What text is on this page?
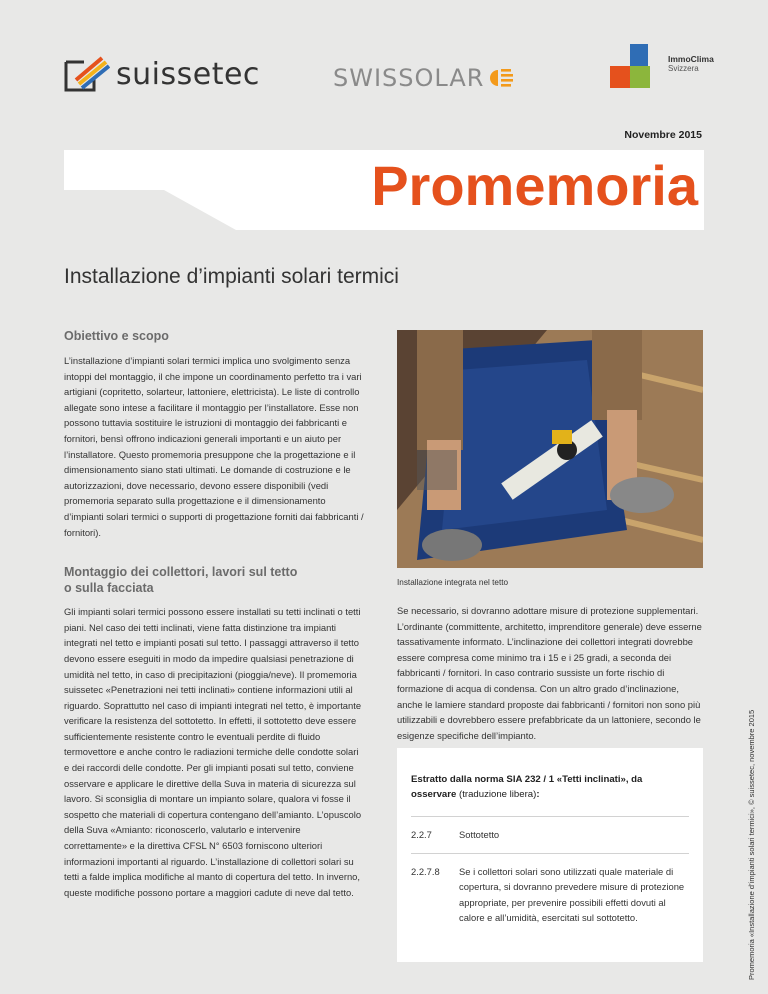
suissetec	SWISSOLAR
ImmoClima
Svizzera
Novembre 2015
Promemoria
Installazione d’impianti solari termici
Obiettivo e scopo

L’installazione d’impianti solari termici implica uno svolgimento senza intoppi del montaggio, il che impone un coordinamento perfetto tra i vari artigiani (copritetto, solarteur, lattoniere, elettricista). Le liste di controllo allegate sono intese a facilitare il montaggio per l’installatore. Esse non possono tuttavia sostituire le istruzioni di montaggio dei fabbricanti e fornitori, bensì offrono indicazioni generali importanti e un aiuto per l’installatore. Questo promemoria presuppone che la progettazione e il dimensionamento siano stati ultimati. Le domande di costruzione e le autorizzazioni, dove necessario, devono essere disponibili (vedi promemoria separato sulla progettazione e il dimensionamento d’impianti solari termici o supporti di progettazione forniti dai fabbricanti / fornitori).

Montaggio dei collettori, lavori sul tetto
o sulla facciata

Gli impianti solari termici possono essere installati su tetti inclinati o tetti piani. Nel caso dei tetti inclinati, viene fatta distinzione tra impianti integrati nel tetto e impianti posati sul tetto. I passaggi attraverso il tetto devono essere eseguiti in modo da impedire qualsiasi penetrazione di umidità nel tetto, in caso di precipitazioni (pioggia/neve). Il promemoria suissetec «Penetrazioni nei tetti inclinati» contiene informazioni utili al riguardo. Soprattutto nel caso di impianti integrati nel tetto, è importante verificare la resistenza del sottotetto. In effetti, il sottotetto deve essere sufficientemente resistente contro le eventuali perdite di fluido termovettore e anche contro le radiazioni termiche delle condotte solari e dei raccordi delle condotte. Per gli impianti posati sul tetto, conviene osservare e applicare le direttive della Suva in materia di sicurezza sul lavoro. Si sconsiglia di montare un impianto solare, qualora vi fosse il sospetto che materiali di copertura contengano dell’amianto. L’opuscolo della Suva «Amianto: riconoscerlo, valutarlo e intervenire correttamente» e la direttiva CFSL N° 6503 forniscono ulteriori informazioni importanti al riguardo. L’installazione di collettori solari su tetti a falde implica modifiche al manto di copertura del tetto. In inverno, queste modifiche possono portare a maggiori cadute di neve dal tetto.

Installazione integrata nel tetto

Se necessario, si dovranno adottare misure di protezione supplementari. L’ordinante (committente, architetto, imprenditore generale) deve esserne tassativamente informato. L’inclinazione dei collettori integrati dovrebbe essere compresa come minimo tra i 15 e i 25 gradi, a seconda dei fabbricanti / fornitori. In caso contrario sussiste un forte rischio di formazione di acqua di condensa. Con un altro grado d’inclinazione, anche le lamiere standard proposte dai fabbricanti / fornitori non sono più utilizzabili e dovrebbero essere prefabbricate da un lattoniere, secondo le esigenze specifiche dell’impianto.

Estratto dalla norma SIA 232 / 1 «Tetti inclinati», da osservare (traduzione libera):
2.2.7	Sottotetto
2.2.7.8	Se i collettori solari sono utilizzati quale materiale di copertura, si dovranno prevedere misure di protezione appropriate, per prevenire possibili effetti dovuti al calore e all’umidità, esercitati sul sottotetto.	Promemoria «Installazione d’impianti solari termici», © suissetec, novembre 2015
